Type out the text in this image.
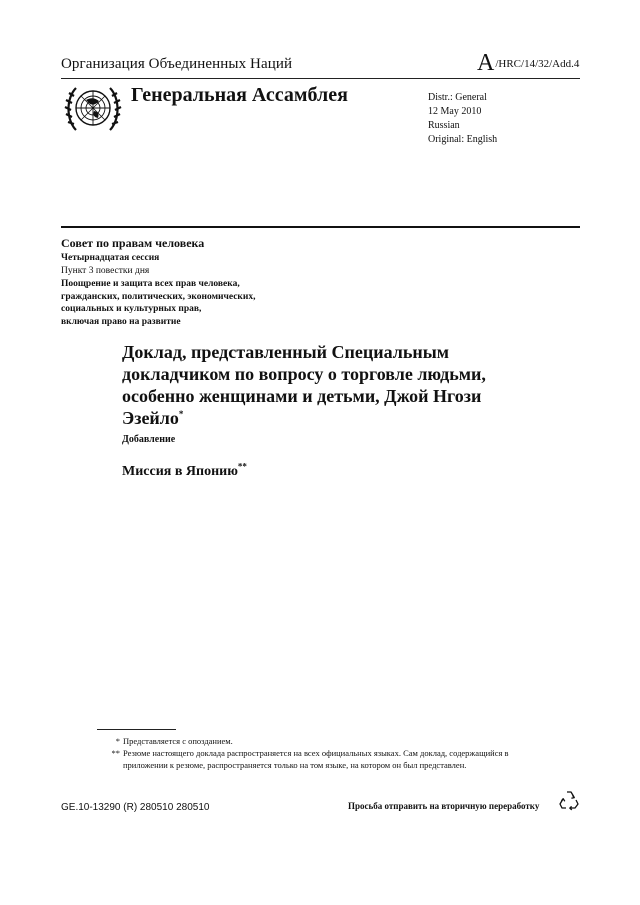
Организация Объединенных Наций	A/HRC/14/32/Add.4
Генеральная Ассамблея	Distr.: General
12 May 2010
Russian
Original: English
Совет по правам человека
Четырнадцатая сессия
Пункт 3 повестки дня
Поощрение и защита всех прав человека,
гражданских, политических, экономических,
социальных и культурных прав,
включая право на развитие
Доклад, представленный Специальным докладчиком по вопросу о торговле людьми, особенно женщинами и детьми, Джой Нгози Эзейло*
Добавление
Миссия в Японию**
* Представляется с опозданием.
** Резюме настоящего доклада распространяется на всех официальных языках. Сам доклад, содержащийся в приложении к резюме, распространяется только на том языке, на котором он был представлен.
GE.10-13290 (R) 280510 280510	Просьба отправить на вторичную переработку
